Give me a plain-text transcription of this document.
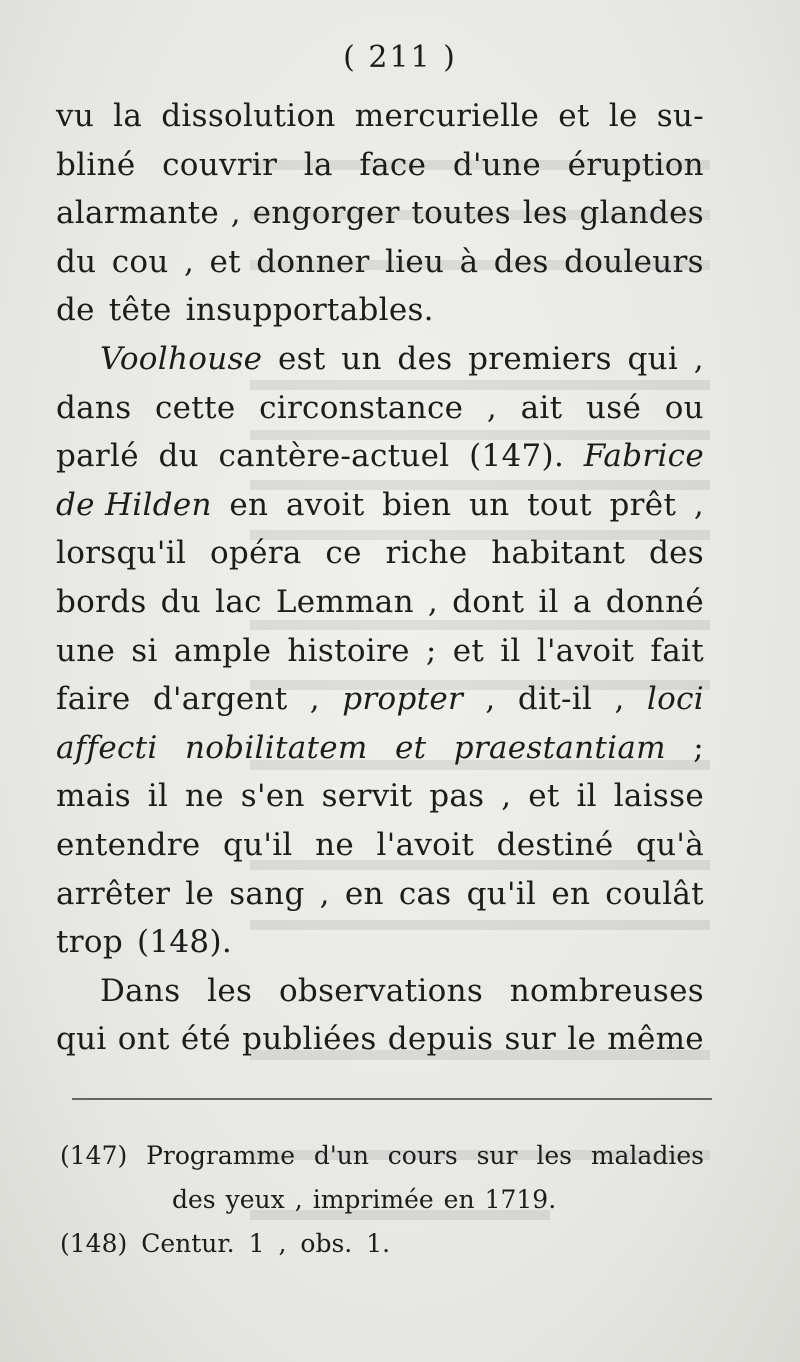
( 211 )
vu la dissolution mercurielle et le su-
bliné couvrir la face d'une éruption
alarmante , engorger toutes les glandes
du cou , et donner lieu à des douleurs
de tête insupportables.
Voolhouse est un des premiers qui ,
dans cette circonstance , ait usé ou
parlé du cantère-actuel (147). Fabrice
de Hilden en avoit bien un tout prêt ,
lorsqu'il opéra ce riche habitant des
bords du lac Lemman , dont il a donné
une si ample histoire ; et il l'avoit fait
faire d'argent , propter , dit-il , loci
affecti nobilitatem et praestantiam ;
mais il ne s'en servit pas , et il laisse
entendre qu'il ne l'avoit destiné qu'à
arrêter le sang , en cas qu'il en coulât
trop (148).
Dans les observations nombreuses
qui ont été publiées depuis sur le même
(147) Programme d'un cours sur les maladies
des yeux , imprimée en 1719.
(148) Centur. 1 , obs. 1.
